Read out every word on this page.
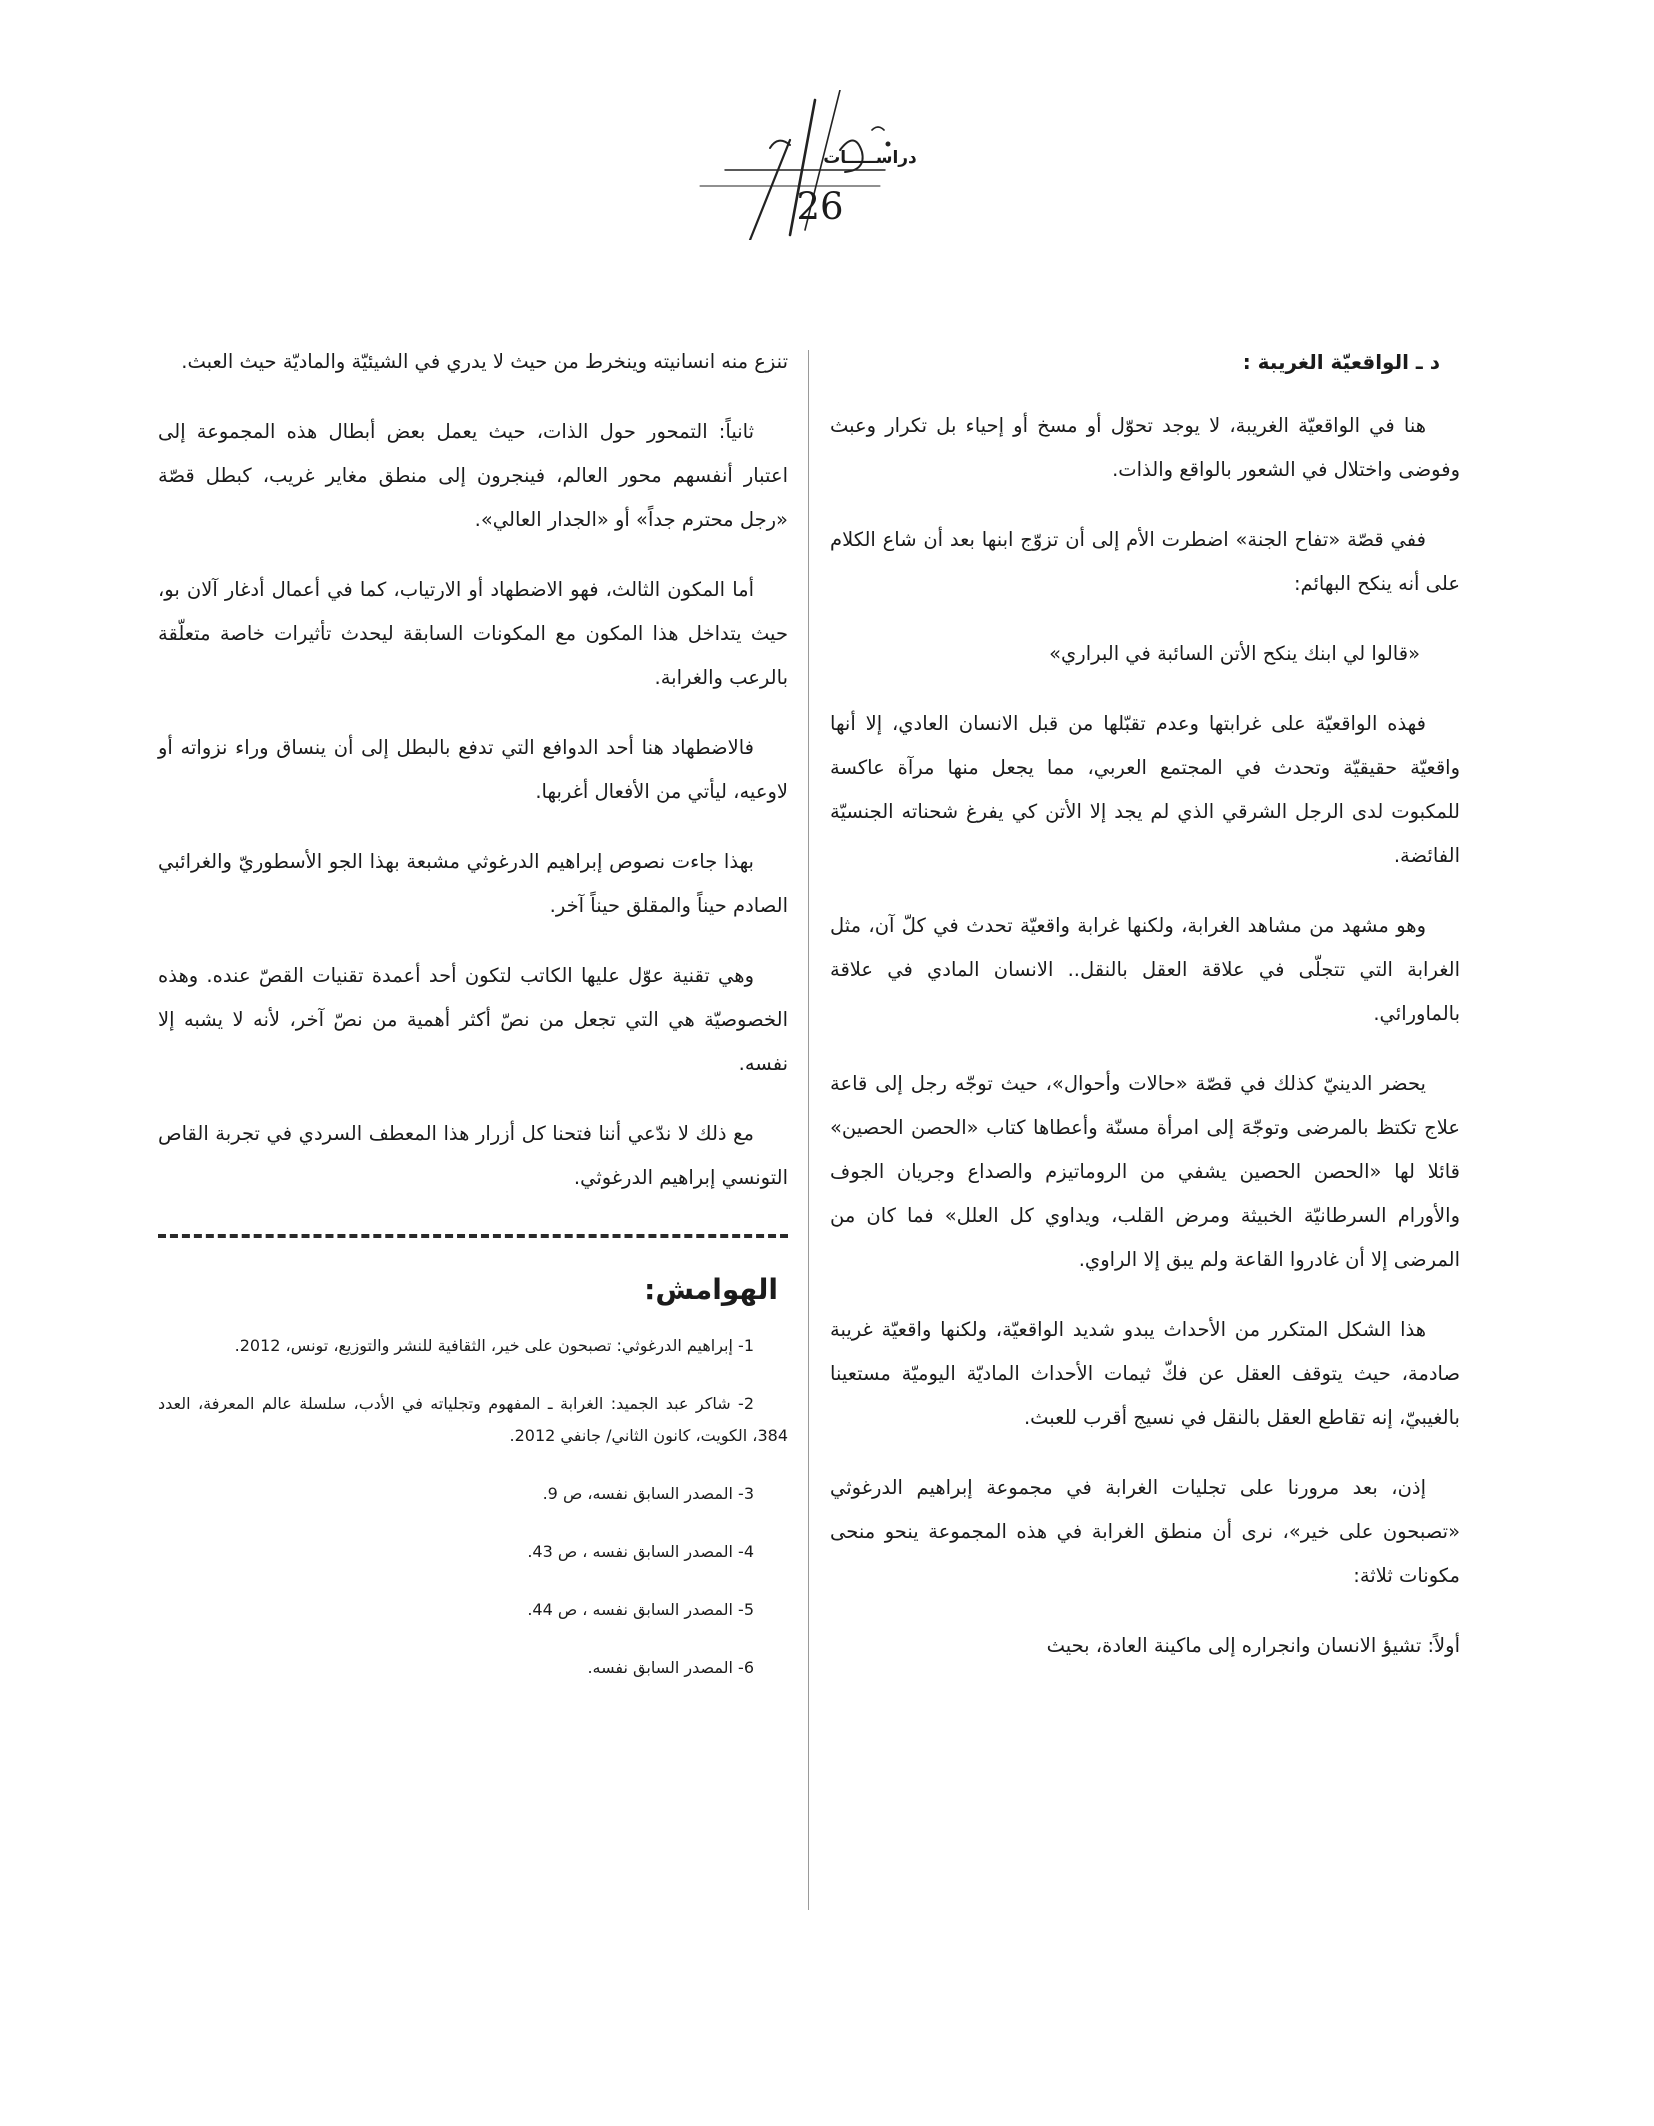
دراســـــات
26
د ـ الواقعيّة الغريبة :

هنا في الواقعيّة الغريبة، لا يوجد تحوّل أو مسخ أو إحياء بل تكرار وعبث وفوضى واختلال في الشعور بالواقع والذات.

ففي قصّة «تفاح الجنة» اضطرت الأم إلى أن تزوّج ابنها بعد أن شاع الكلام على أنه ينكح البهائم:

«قالوا لي ابنك ينكح الأتن السائبة في البراري»

فهذه الواقعيّة على غرابتها وعدم تقبّلها من قبل الانسان العادي، إلا أنها واقعيّة حقيقيّة وتحدث في المجتمع العربي، مما يجعل منها مرآة عاكسة للمكبوت لدى الرجل الشرقي الذي لم يجد إلا الأتن كي يفرغ شحناته الجنسيّة الفائضة.

وهو مشهد من مشاهد الغرابة، ولكنها غرابة واقعيّة تحدث في كلّ آن، مثل الغرابة التي تتجلّى في علاقة العقل بالنقل.. الانسان المادي في علاقة بالماورائي.

يحضر الدينيّ كذلك في قصّة «حالات وأحوال»، حيث توجّه رجل إلى قاعة علاج تكتظ بالمرضى وتوجّهَ إلى امرأة مسنّة وأعطاها كتاب «الحصن الحصين» قائلا لها «الحصن الحصين يشفي من الروماتيزم والصداع وجريان الجوف والأورام السرطانيّة الخبيثة ومرض القلب، ويداوي كل العلل» فما كان من المرضى إلا أن غادروا القاعة ولم يبق إلا الراوي.

هذا الشكل المتكرر من الأحداث يبدو شديد الواقعيّة، ولكنها واقعيّة غريبة صادمة، حيث يتوقف العقل عن فكّ ثيمات الأحداث الماديّة اليوميّة مستعينا بالغيبيّ، إنه تقاطع العقل بالنقل في نسيج أقرب للعبث.

إذن، بعد مرورنا على تجليات الغرابة في مجموعة إبراهيم الدرغوثي «تصبحون على خير»، نرى أن منطق الغرابة في هذه المجموعة ينحو منحى مكونات ثلاثة:

أولاً: تشيؤ الانسان وانجراره إلى ماكينة العادة، بحيث

تنزع منه انسانيته وينخرط من حيث لا يدري في الشيئيّة والماديّة حيث العبث.

ثانياً: التمحور حول الذات، حيث يعمل بعض أبطال هذه المجموعة إلى اعتبار أنفسهم محور العالم، فينجرون إلى منطق مغاير غريب، كبطل قصّة «رجل محترم جداً» أو «الجدار العالي».

أما المكون الثالث، فهو الاضطهاد أو الارتياب، كما في أعمال أدغار آلان بو، حيث يتداخل هذا المكون مع المكونات السابقة ليحدث تأثيرات خاصة متعلّقة بالرعب والغرابة.

فالاضطهاد هنا أحد الدوافع التي تدفع بالبطل إلى أن ينساق وراء نزواته أو لاوعيه، ليأتي من الأفعال أغربها.

بهذا جاءت نصوص إبراهيم الدرغوثي مشبعة بهذا الجو الأسطوريّ والغرائبي الصادم حيناً والمقلق حيناً آخر.

وهي تقنية عوّل عليها الكاتب لتكون أحد أعمدة تقنيات القصّ عنده. وهذه الخصوصيّة هي التي تجعل من نصّ أكثر أهمية من نصّ آخر، لأنه لا يشبه إلا نفسه.

مع ذلك لا ندّعي أننا فتحنا كل أزرار هذا المعطف السردي في تجربة القاص التونسي إبراهيم الدرغوثي.

الهوامش:

1- إبراهيم الدرغوثي: تصبحون على خير، الثقافية للنشر والتوزيع، تونس، 2012.

2- شاكر عبد الجميد: الغرابة ـ المفهوم وتجلياته في الأدب، سلسلة عالم المعرفة، العدد 384، الكويت، كانون الثاني/ جانفي 2012.

3- المصدر السابق نفسه، ص 9.

4- المصدر السابق نفسه ، ص 43.

5- المصدر السابق نفسه ، ص 44.

6- المصدر السابق نفسه.
